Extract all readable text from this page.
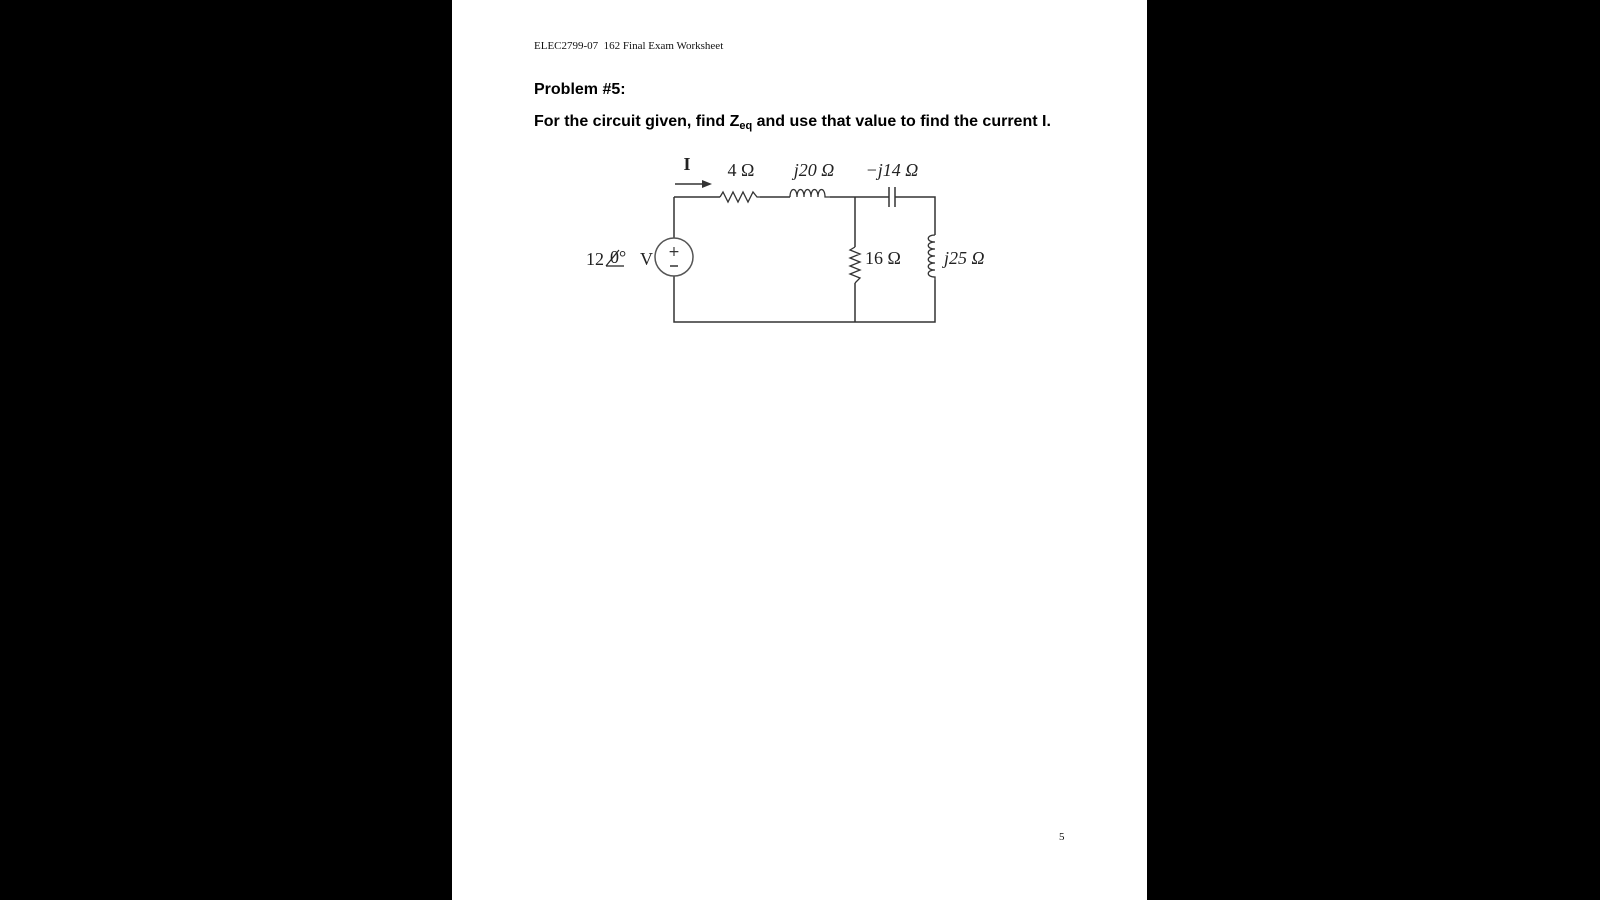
ELEC2799-07  162 Final Exam Worksheet
Problem #5:
For the circuit given, find $Z_{eq}$ and use that value to find the current I.
+
I 4 Ω j20 Ω −j14 Ω
16 Ω j25 Ω
12 0° V
5
